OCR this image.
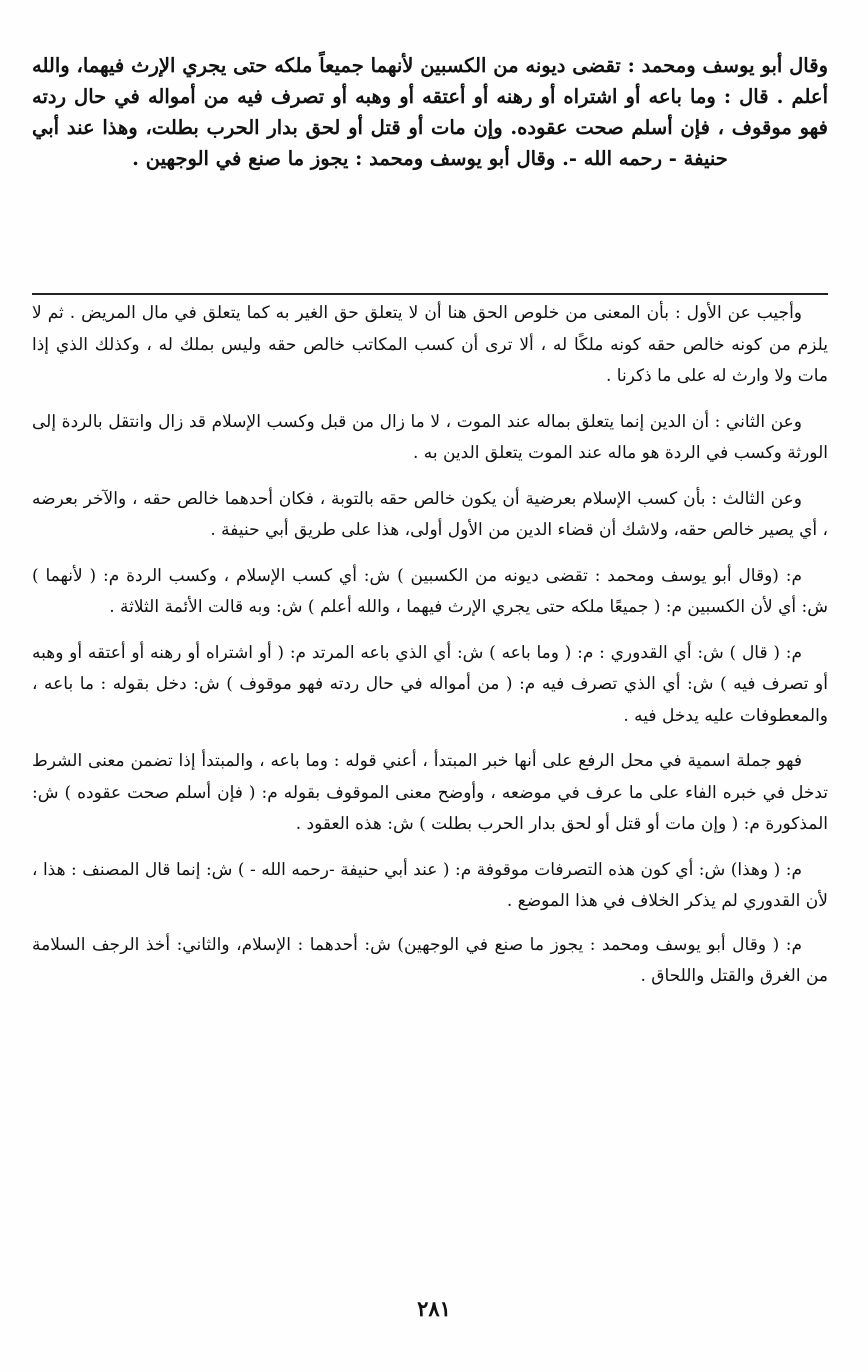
وقال أبو يوسف ومحمد : تقضى ديونه من الكسبين لأنهما جميعاً ملكه حتى يجري الإرث فيهما، والله أعلم . قال : وما باعه أو اشتراه أو رهنه أو أعتقه أو وهبه أو تصرف فيه من أمواله في حال ردته فهو موقوف ، فإن أسلم صحت عقوده. وإن مات أو قتل أو لحق بدار الحرب بطلت، وهذا عند أبي حنيفة - رحمه الله -. وقال أبو يوسف ومحمد : يجوز ما صنع في الوجهين .

وأجيب عن الأول : بأن المعنى من خلوص الحق هنا أن لا يتعلق حق الغير به كما يتعلق في مال المريض . ثم لا يلزم من كونه خالص حقه كونه ملكًا له ، ألا ترى أن كسب المكاتب خالص حقه وليس بملك له ، وكذلك الذي إذا مات ولا وارث له على ما ذكرنا .

وعن الثاني : أن الدين إنما يتعلق بماله عند الموت ، لا ما زال من قبل وكسب الإسلام قد زال وانتقل بالردة إلى الورثة وكسب في الردة هو ماله عند الموت يتعلق الدين به .

وعن الثالث : بأن كسب الإسلام بعرضية أن يكون خالص حقه بالتوبة ، فكان أحدهما خالص حقه ، والآخر بعرضه ، أي يصير خالص حقه، ولاشك أن قضاء الدين من الأول أولى، هذا على طريق أبي حنيفة .

م: (وقال أبو يوسف ومحمد : تقضى ديونه من الكسبين ) ش: أي كسب الإسلام ، وكسب الردة م: ( لأنهما ) ش: أي لأن الكسبين م: ( جميعًا ملكه حتى يجري الإرث فيهما ، والله أعلم ) ش: وبه قالت الأئمة الثلاثة .

م: ( قال ) ش: أي القدوري : م: ( وما باعه ) ش: أي الذي باعه المرتد م: ( أو اشتراه أو رهنه أو أعتقه أو وهبه أو تصرف فيه ) ش: أي الذي تصرف فيه م: ( من أمواله في حال ردته فهو موقوف ) ش: دخل بقوله : ما باعه ، والمعطوفات عليه يدخل فيه .

فهو جملة اسمية في محل الرفع على أنها خبر المبتدأ ، أعني قوله : وما باعه ، والمبتدأ إذا تضمن معنى الشرط تدخل في خبره الفاء على ما عرف في موضعه ، وأوضح معنى الموقوف بقوله م: ( فإن أسلم صحت عقوده ) ش: المذكورة م: ( وإن مات أو قتل أو لحق بدار الحرب بطلت ) ش: هذه العقود .

م: ( وهذا) ش: أي كون هذه التصرفات موقوفة م: ( عند أبي حنيفة -رحمه الله - ) ش: إنما قال المصنف : هذا ، لأن القدوري لم يذكر الخلاف في هذا الموضع .

م: ( وقال أبو يوسف ومحمد : يجوز ما صنع في الوجهين) ش: أحدهما : الإسلام، والثاني: أخذ الرجف السلامة من الغرق والقتل واللحاق .

٢٨١
